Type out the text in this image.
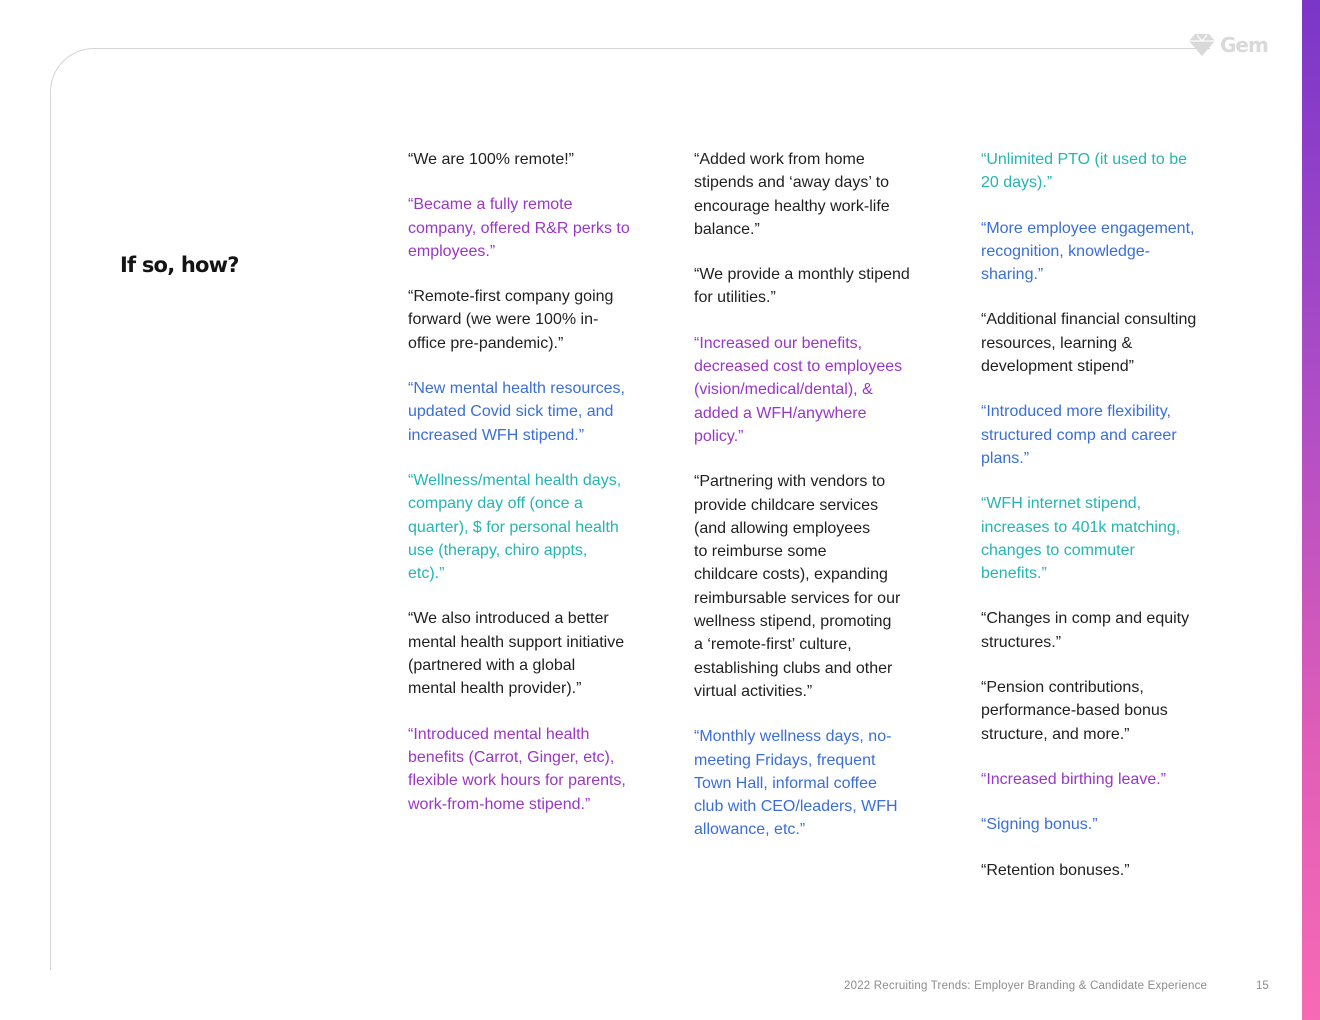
Gem
If so, how?

“We are 100% remote!”

“Became a fully remote
company, offered R&R perks to
employees.”

“Remote-first company going
forward (we were 100% in-
office pre-pandemic).”

“New mental health resources,
updated Covid sick time, and
increased WFH stipend.”

“Wellness/mental health days,
company day off (once a
quarter), $ for personal health
use (therapy, chiro appts,
etc).”

“We also introduced a better
mental health support initiative
(partnered with a global
mental health provider).”

“Introduced mental health
benefits (Carrot, Ginger, etc),
flexible work hours for parents,
work-from-home stipend.”

“Added work from home
stipends and ‘away days’ to
encourage healthy work-life
balance.”

“We provide a monthly stipend
for utilities.”

“Increased our benefits,
decreased cost to employees
(vision/medical/dental), &
added a WFH/anywhere
policy.”

“Partnering with vendors to
provide childcare services
(and allowing employees
to reimburse some
childcare costs), expanding
reimbursable services for our
wellness stipend, promoting
a ‘remote-first’ culture,
establishing clubs and other
virtual activities.”

“Monthly wellness days, no-
meeting Fridays, frequent
Town Hall, informal coffee
club with CEO/leaders, WFH
allowance, etc.”

“Unlimited PTO (it used to be
20 days).”

“More employee engagement,
recognition, knowledge-
sharing.”

“Additional financial consulting
resources, learning &
development stipend”

“Introduced more flexibility,
structured comp and career
plans.”

“WFH internet stipend,
increases to 401k matching,
changes to commuter
benefits.”

“Changes in comp and equity
structures.”

“Pension contributions,
performance-based bonus
structure, and more.”

“Increased birthing leave.”

“Signing bonus.”

“Retention bonuses.”

2022 Recruiting Trends: Employer Branding & Candidate Experience	15
